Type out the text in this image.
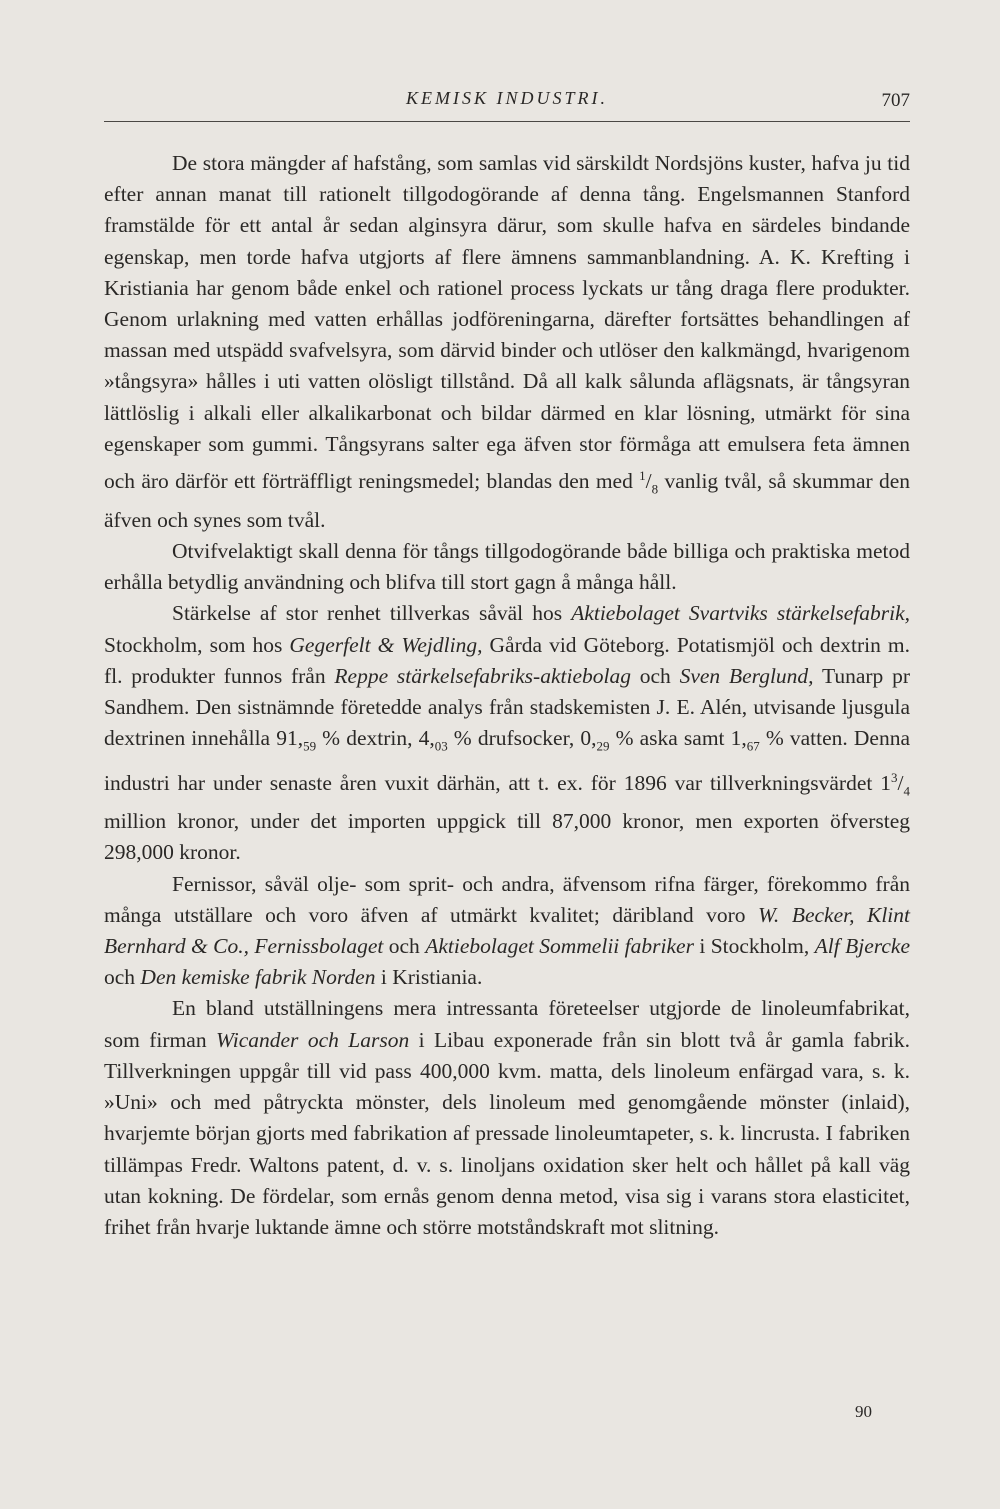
KEMISK INDUSTRI.	707

De stora mängder af hafstång, som samlas vid särskildt Nordsjöns kuster, hafva ju tid efter annan manat till rationelt tillgodogörande af denna tång. Engelsmannen Stanford framstälde för ett antal år sedan alginsyra därur, som skulle hafva en särdeles bindande egenskap, men torde hafva utgjorts af flere ämnens sammanblandning. A. K. Krefting i Kristiania har genom både enkel och rationel process lyckats ur tång draga flere produkter. Genom urlakning med vatten erhållas jodföreningarna, därefter fortsättes behandlingen af massan med utspädd svafvelsyra, som därvid binder och utlöser den kalkmängd, hvarigenom »tångsyra» hålles i uti vatten olösligt tillstånd. Då all kalk sålunda aflägsnats, är tångsyran lättlöslig i alkali eller alkalikarbonat och bildar därmed en klar lösning, utmärkt för sina egenskaper som gummi. Tångsyrans salter ega äfven stor förmåga att emulsera feta ämnen och äro därför ett förträffligt reningsmedel; blandas den med $^1/_8$ vanlig tvål, så skummar den äfven och synes som tvål.

Otvifvelaktigt skall denna för tångs tillgodogörande både billiga och praktiska metod erhålla betydlig användning och blifva till stort gagn å många håll.

Stärkelse af stor renhet tillverkas såväl hos Aktiebolaget Svartviks stärkelsefabrik, Stockholm, som hos Gegerfelt & Wejdling, Gårda vid Göteborg. Potatismjöl och dextrin m. fl. produkter funnos från Reppe stärkelsefabriks-aktiebolag och Sven Berglund, Tunarp pr Sandhem. Den sistnämnde företedde analys från stadskemisten J. E. Alén, utvisande ljusgula dextrinen innehålla $91,_{59}$ % dextrin, $4,_{03}$ % drufsocker, $0,_{29}$ % aska samt $1,_{67}$ % vatten. Denna industri har under senaste åren vuxit därhän, att t. ex. för 1896 var tillverkningsvärdet $1^3/_4$ million kronor, under det importen uppgick till 87,000 kronor, men exporten öfversteg 298,000 kronor.

Fernissor, såväl olje- som sprit- och andra, äfvensom rifna färger, förekommo från många utställare och voro äfven af utmärkt kvalitet; däribland voro W. Becker, Klint Bernhard & Co., Fernissbolaget och Aktiebolaget Sommelii fabriker i Stockholm, Alf Bjercke och Den kemiske fabrik Norden i Kristiania.

En bland utställningens mera intressanta företeelser utgjorde de linoleumfabrikat, som firman Wicander och Larson i Libau exponerade från sin blott två år gamla fabrik. Tillverkningen uppgår till vid pass 400,000 kvm. matta, dels linoleum enfärgad vara, s. k. »Uni» och med påtryckta mönster, dels linoleum med genomgående mönster (inlaid), hvarjemte början gjorts med fabrikation af pressade linoleumtapeter, s. k. lincrusta. I fabriken tillämpas Fredr. Waltons patent, d. v. s. linoljans oxidation sker helt och hållet på kall väg utan kokning. De fördelar, som ernås genom denna metod, visa sig i varans stora elasticitet, frihet från hvarje luktande ämne och större motståndskraft mot slitning.

90
